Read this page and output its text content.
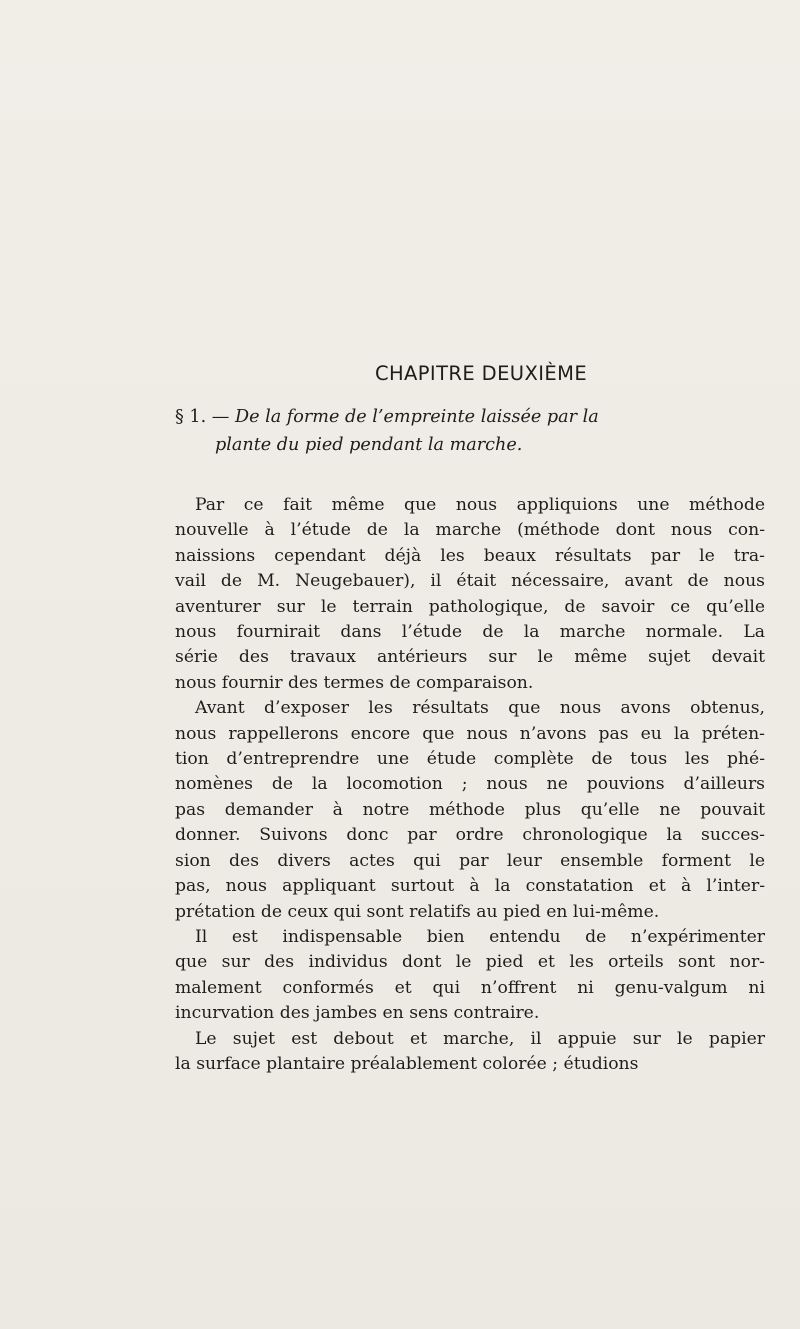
CHAPITRE DEUXIÈME
§ 1. — De la forme de l’empreinte laissée par la
plante du pied pendant la marche.

Par ce fait même que nous appliquions une méthode
nouvelle à l’étude de la marche (méthode dont nous con-
naissions cependant déjà les beaux résultats par le tra-
vail de M. Neugebauer), il était nécessaire, avant de nous
aventurer sur le terrain pathologique, de savoir ce qu’elle
nous fournirait dans l’étude de la marche normale. La
série des travaux antérieurs sur le même sujet devait
nous fournir des termes de comparaison.

Avant d’exposer les résultats que nous avons obtenus,
nous rappellerons encore que nous n’avons pas eu la préten-
tion d’entreprendre une étude complète de tous les phé-
nomènes de la locomotion ; nous ne pouvions d’ailleurs
pas demander à notre méthode plus qu’elle ne pouvait
donner. Suivons donc par ordre chronologique la succes-
sion des divers actes qui par leur ensemble forment le
pas, nous appliquant surtout à la constatation et à l’inter-
prétation de ceux qui sont relatifs au pied en lui-même.

Il est indispensable bien entendu de n’expérimenter
que sur des individus dont le pied et les orteils sont nor-
malement conformés et qui n’offrent ni genu-valgum ni
incurvation des jambes en sens contraire.

Le sujet est debout et marche, il appuie sur le papier
la surface plantaire préalablement colorée ; étudions
